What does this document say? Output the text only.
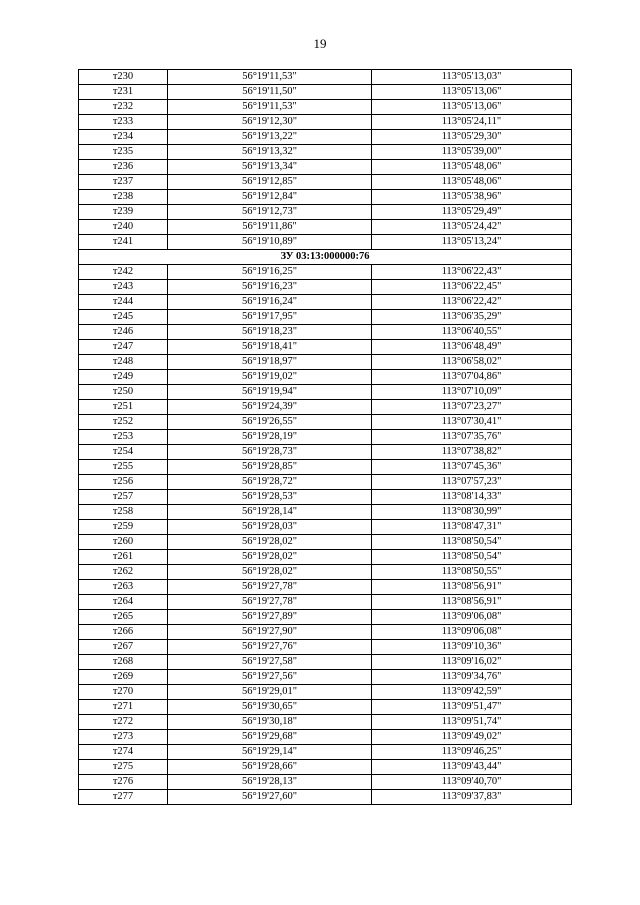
19
т230	56°19'11,53"	113°05'13,03"
т231	56°19'11,50"	113°05'13,06"
т232	56°19'11,53"	113°05'13,06"
т233	56°19'12,30"	113°05'24,11"
т234	56°19'13,22"	113°05'29,30"
т235	56°19'13,32"	113°05'39,00"
т236	56°19'13,34"	113°05'48,06"
т237	56°19'12,85"	113°05'48,06"
т238	56°19'12,84"	113°05'38,96"
т239	56°19'12,73"	113°05'29,49"
т240	56°19'11,86"	113°05'24,42"
т241	56°19'10,89"	113°05'13,24"
ЗУ 03:13:000000:76		
т242	56°19'16,25"	113°06'22,43"
т243	56°19'16,23"	113°06'22,45"
т244	56°19'16,24"	113°06'22,42"
т245	56°19'17,95"	113°06'35,29"
т246	56°19'18,23"	113°06'40,55"
т247	56°19'18,41"	113°06'48,49"
т248	56°19'18,97"	113°06'58,02"
т249	56°19'19,02"	113°07'04,86"
т250	56°19'19,94"	113°07'10,09"
т251	56°19'24,39"	113°07'23,27"
т252	56°19'26,55"	113°07'30,41"
т253	56°19'28,19"	113°07'35,76"
т254	56°19'28,73"	113°07'38,82"
т255	56°19'28,85"	113°07'45,36"
т256	56°19'28,72"	113°07'57,23"
т257	56°19'28,53"	113°08'14,33"
т258	56°19'28,14"	113°08'30,99"
т259	56°19'28,03"	113°08'47,31"
т260	56°19'28,02"	113°08'50,54"
т261	56°19'28,02"	113°08'50,54"
т262	56°19'28,02"	113°08'50,55"
т263	56°19'27,78"	113°08'56,91"
т264	56°19'27,78"	113°08'56,91"
т265	56°19'27,89"	113°09'06,08"
т266	56°19'27,90"	113°09'06,08"
т267	56°19'27,76"	113°09'10,36"
т268	56°19'27,58"	113°09'16,02"
т269	56°19'27,56"	113°09'34,76"
т270	56°19'29,01"	113°09'42,59"
т271	56°19'30,65"	113°09'51,47"
т272	56°19'30,18"	113°09'51,74"
т273	56°19'29,68"	113°09'49,02"
т274	56°19'29,14"	113°09'46,25"
т275	56°19'28,66"	113°09'43,44"
т276	56°19'28,13"	113°09'40,70"
т277	56°19'27,60"	113°09'37,83"
